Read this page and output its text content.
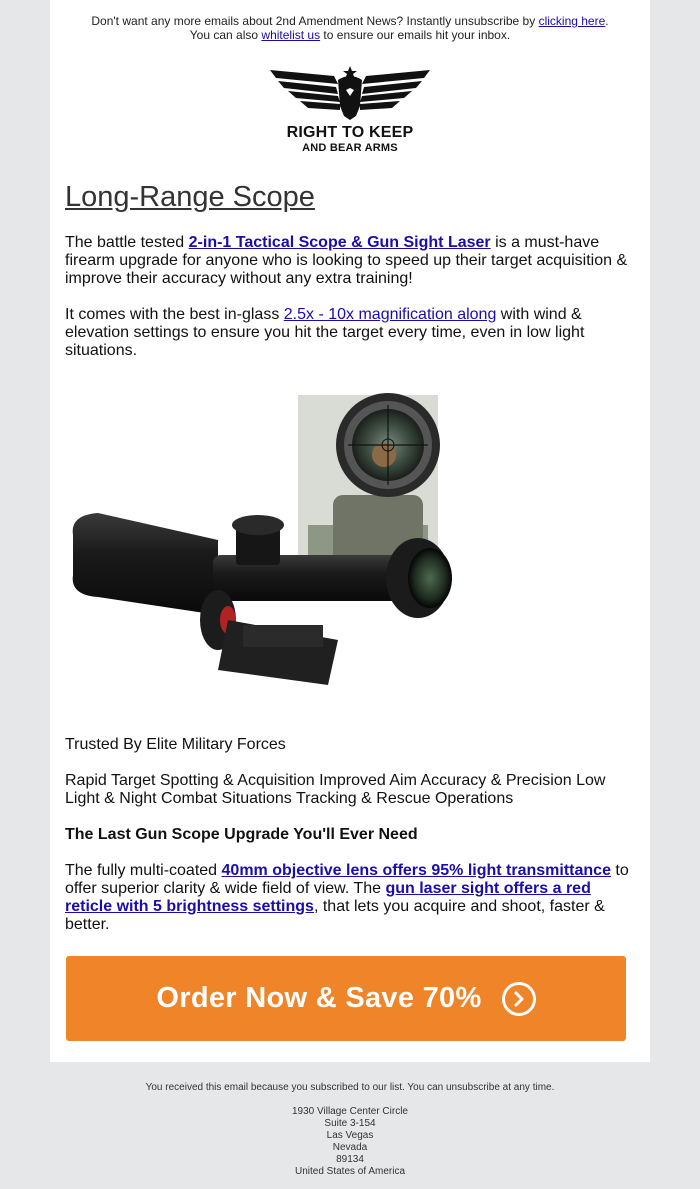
Don't want any more emails about 2nd Amendment News? Instantly unsubscribe by clicking here.
You can also whitelist us to ensure our emails hit your inbox.
RIGHT TO KEEP
AND BEAR ARMS
Long-Range Scope
The battle tested 2-in-1 Tactical Scope & Gun Sight Laser is a must-have firearm upgrade for anyone who is looking to speed up their target acquisition & improve their accuracy without any extra training!
It comes with the best in-glass 2.5x - 10x magnification along with wind & elevation settings to ensure you hit the target every time, even in low light situations.
Trusted By Elite Military Forces
Rapid Target Spotting & Acquisition Improved Aim Accuracy & Precision Low Light & Night Combat Situations Tracking & Rescue Operations
The Last Gun Scope Upgrade You'll Ever Need
The fully multi-coated 40mm objective lens offers 95% light transmittance to offer superior clarity & wide field of view. The gun laser sight offers a red reticle with 5 brightness settings, that lets you acquire and shoot, faster & better.
Order Now & Save 70%
You received this email because you subscribed to our list. You can unsubscribe at any time.
1930 Village Center Circle
Suite 3-154
Las Vegas
Nevada
89134
United States of America
